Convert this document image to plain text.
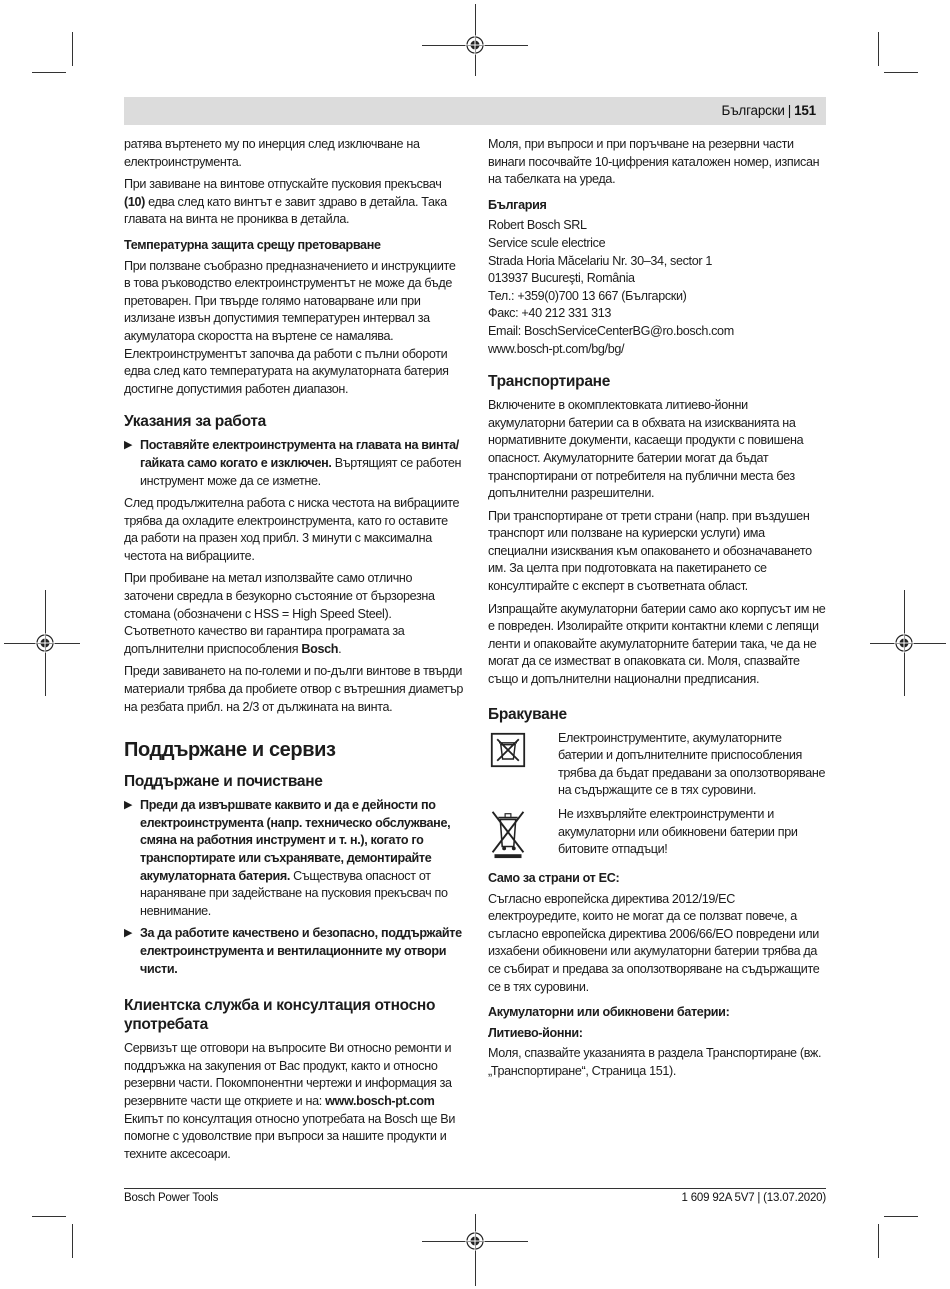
Български | 151

ратява въртенето му по инерция след изключване на електроинструмента.

При завиване на винтове отпускайте пусковия прекъсвач (10) едва след като винтът е завит здраво в детайла. Така главата на винта не прониква в детайла.

Температурна защита срещу претоварване

При ползване съобразно предназначението и инструкциите в това ръководство електроинструментът не може да бъде претоварен. При твърде голямо натоварване или при излизане извън допустимия температурен интервал за акумулатора скоростта на въртене се намалява. Електроинструментът започва да работи с пълни обороти едва след като температурата на акумулаторната батерия достигне допустимия работен диапазон.

Указания за работа
▶ Поставяйте електроинструмента на главата на винта/гайката само когато е изключен. Въртящият се работен инструмент може да се изметне.

След продължителна работа с ниска честота на вибрациите трябва да охладите електроинструмента, като го оставите да работи на празен ход прибл. 3 минути с максимална честота на вибрациите.

При пробиване на метал използвайте само отлично заточени свредла в безукорно състояние от бързорезна стомана (обозначени с HSS = High Speed Steel). Съответното качество ви гарантира програмата за допълнителни приспособления Bosch.

Преди завиването на по-големи и по-дълги винтове в твърди материали трябва да пробиете отвор с вътрешния диаметър на резбата прибл. на 2/3 от дължината на винта.

Поддържане и сервиз
Поддържане и почистване
▶ Преди да извършвате каквито и да е дейности по електроинструмента (напр. техническо обслужване, смяна на работния инструмент и т. н.), когато го транспортирате или съхранявате, демонтирайте акумулаторната батерия. Съществува опасност от нараняване при задействане на пусковия прекъсвач по невнимание.
▶ За да работите качествено и безопасно, поддържайте електроинструмента и вентилационните му отвори чисти.
Клиентска служба и консултация относно употребата

Сервизът ще отговори на въпросите Ви относно ремонти и поддръжка на закупения от Вас продукт, както и относно резервни части. Покомпонентни чертежи и информация за резервните части ще откриете и на: www.bosch-pt.com

Екипът по консултация относно употребата на Bosch ще Ви помогне с удоволствие при въпроси за нашите продукти и техните аксесоари.

Моля, при въпроси и при поръчване на резервни части винаги посочвайте 10-цифрения каталожен номер, изписан на табелката на уреда.

България
Robert Bosch SRL
Service scule electrice
Strada Horia Măcelariu Nr. 30–34, sector 1
013937 Bucureşti, România
Тел.: +359(0)700 13 667 (Български)
Факс: +40 212 331 313
Email: BoschServiceCenterBG@ro.bosch.com
www.bosch-pt.com/bg/bg/
Транспортиране

Включените в окомплектовката литиево-йонни акумулаторни батерии са в обхвата на изискванията на нормативните документи, касаещи продукти с повишена опасност. Акумулаторните батерии могат да бъдат транспортирани от потребителя на публични места без допълнителни разрешителни.

При транспортиране от трети страни (напр. при въздушен транспорт или ползване на куриерски услуги) има специални изисквания към опаковането и обозначаването им. За целта при подготовката на пакетирането се консултирайте с експерт в съответната област.

Изпращайте акумулаторни батерии само ако корпусът им не е повреден. Изолирайте открити контактни клеми с лепящи ленти и опаковайте акумулаторните батерии така, че да не могат да се изместват в опаковката си. Моля, спазвайте също и допълнителни национални предписания.

Бракуване
Електроинструментите, акумулаторните батерии и допълнителните приспособления трябва да бъдат предавани за оползотворяване на съдържащите се в тях суровини.
Не изхвърляйте електроинструменти и акумулаторни или обикновени батерии при битовите отпадъци!
Само за страни от ЕС:

Съгласно европейска директива 2012/19/ЕС електроуредите, които не могат да се ползват повече, а съгласно европейска директива 2006/66/EO повредени или изхабени обикновени или акумулаторни батерии трябва да се събират и предава за оползотворяване на съдържащите се в тях суровини.

Акумулаторни или обикновени батерии:
Литиево-йонни:

Моля, спазвайте указанията в раздела Транспортиране (вж. „Транспортиране“, Страница 151).

Bosch Power Tools	1 609 92A 5V7 | (13.07.2020)
